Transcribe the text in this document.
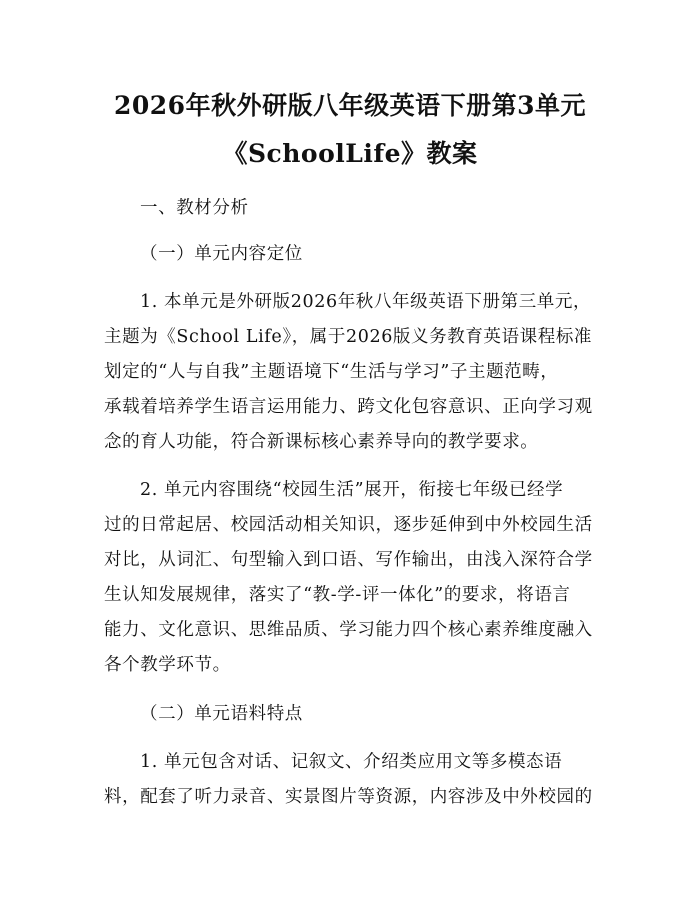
2026年秋外研版八年级英语下册第3单元
《SchoolLife》教案
一、教材分析
（一）单元内容定位
1. 本单元是外研版2026年秋八年级英语下册第三单元，
主题为《School Life》，属于2026版义务教育英语课程标准
划定的“人与自我”主题语境下“生活与学习”子主题范畴，
承载着培养学生语言运用能力、跨文化包容意识、正向学习观
念的育人功能，符合新课标核心素养导向的教学要求。
2. 单元内容围绕“校园生活”展开，衔接七年级已经学
过的日常起居、校园活动相关知识，逐步延伸到中外校园生活
对比，从词汇、句型输入到口语、写作输出，由浅入深符合学
生认知发展规律，落实了“教-学-评一体化”的要求，将语言
能力、文化意识、思维品质、学习能力四个核心素养维度融入
各个教学环节。
（二）单元语料特点
1. 单元包含对话、记叙文、介绍类应用文等多模态语
料，配套了听力录音、实景图片等资源，内容涉及中外校园的
